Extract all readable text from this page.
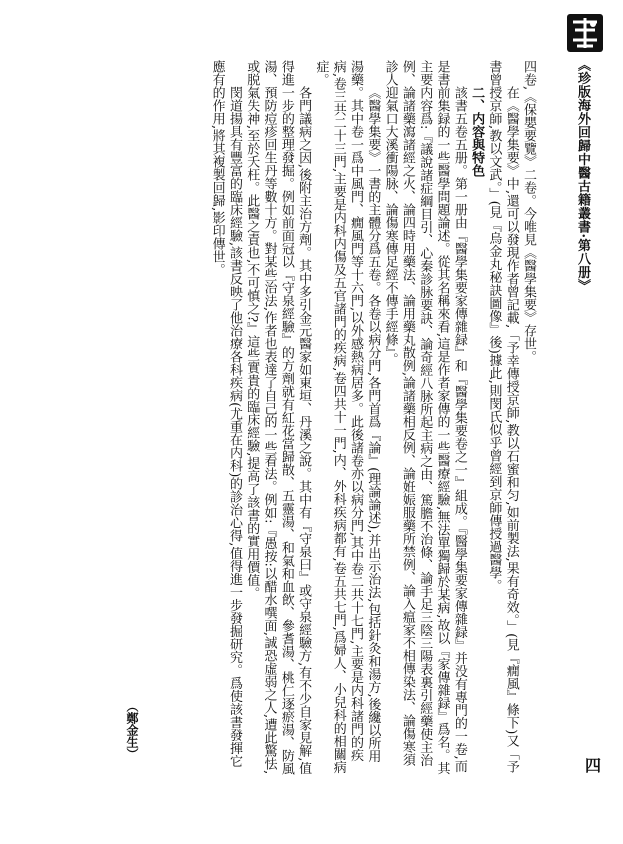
《珍版海外回歸中醫古籍叢書·第八册》

四卷,《保嬰要覽》二卷。今唯見《醫學集要》存世。

在《醫學集要》中,還可以發現作者曾記載,「予幸傳授京師,教以石蜜和匀,如前製法,果有奇效。」(見『癇風』條下)又「予書曾授京師,教以文武。」(見『烏金丸秘訣圖像』後)據此,則閔氏似乎曾經到京師傳授過醫學。

二、内容與特色

該書五卷五册。第一册由『醫學集要家傳雜録』和『醫學集要卷之一』組成。『醫學集要家傳雜録』并没有專門的一卷,而是書前集録的一些醫學問題論述。從其名稱來看,這是作者家傳的一些醫療經驗,無法單獨歸於某病,故以『家傳雜録』爲名。其主要内容爲:『議說諸症綱目引、心秦診脉要訣、論奇經八脉所起主病之由、篤膽不治條、論手足三陰三陽表裏引經藥使主治例、論諸藥瀉諸經之火、論四時用藥法、論用藥丸散例,論諸藥相反例、論姙娠服藥所禁例、論入瘟家不相傳染法、論傷寒須診人迎氣口大溪衝陽脉、論傷寒傳足經不傳手經條』。

《醫學集要》一書的主體分爲五卷。各卷以病分門,各門首爲『論』(理論論述),并出示治法,包括針灸和湯方,後纔以所用湯藥。其中卷一爲中風門、癇風門等十六門,以外感熱病居多。此後諸卷亦以病分門,其中卷二共十七門,主要是内科諸門的疾病,卷三共二十三門,主要是内科内傷及五官諸門的疾病,卷四共十一門,内、外科疾病都有,卷五共七門,爲婦人、小兒科的相關病症。

各門議病之因,後附主治方劑。其中多引金元醫家如東垣、丹溪之說。其中有『守泉曰』或守泉經驗方,有不少自家見解,值得進一步的整理發掘。例如前面冠以『守泉經驗』的方劑就有紅花當歸散、五靈湯、和氣和血飲、參耆湯、桃仁逐瘀湯、防風湯、預防痘疹回生丹等數十方。對某些治法,作者也表達了自己的一些看法。例如:『愚按:以醋水噀面,誠恐虛弱之人,遭此驚怯,或脱氣失神,至於夭枉。此醫之責也,不可慎之?』這些實貴的臨床經驗,提高了該書的實用價值。

閔道揚具有豐富的臨床經驗,該書反映了他治療各科疾病(尤重在内科)的診治心得,值得進一步發掘研究。爲使該書發揮它應有的作用,將其複製回歸,影印傳世。

（鄭金生）
四
